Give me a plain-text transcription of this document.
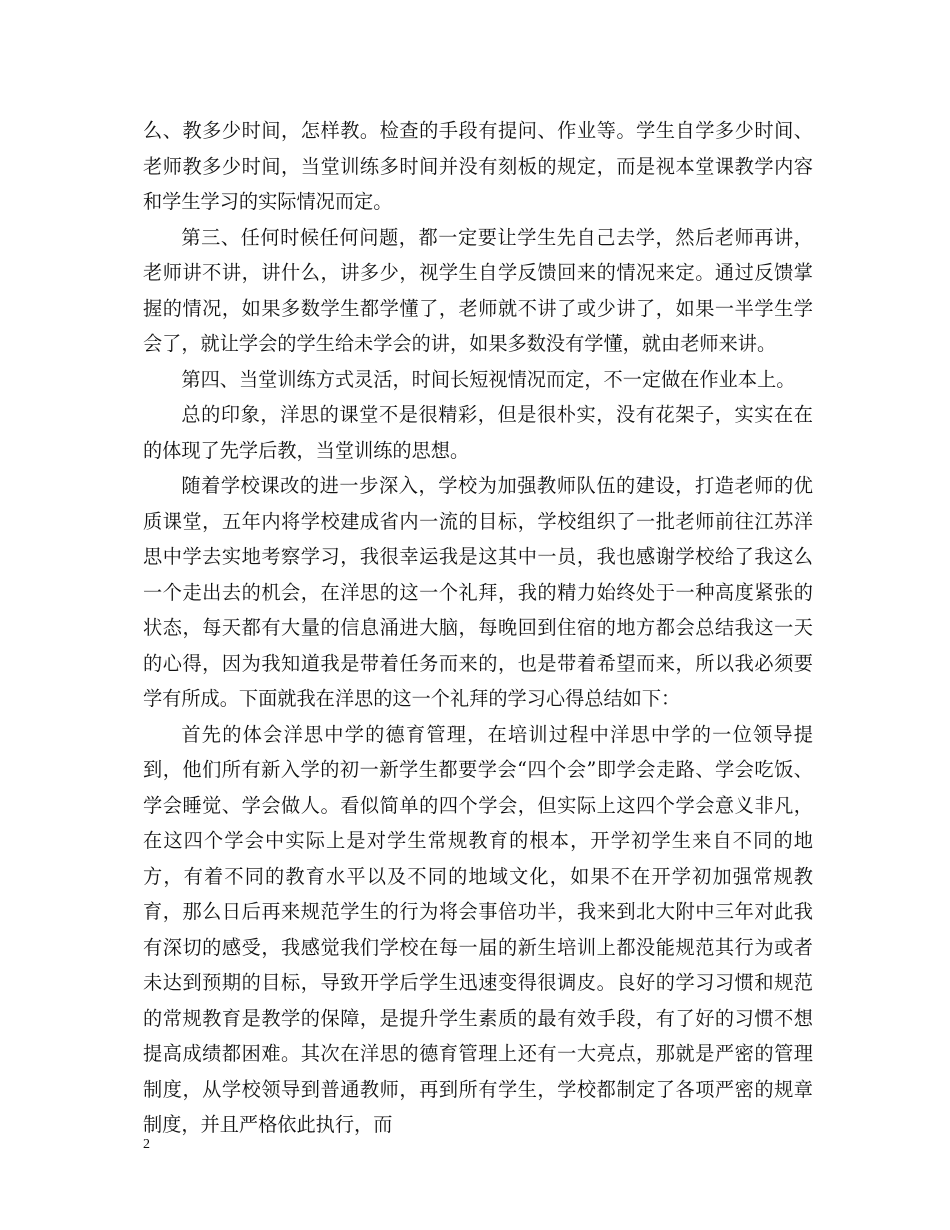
么、教多少时间，怎样教。检查的手段有提问、作业等。学生自学多少时间、老师教多少时间，当堂训练多时间并没有刻板的规定，而是视本堂课教学内容和学生学习的实际情况而定。

第三、任何时候任何问题，都一定要让学生先自己去学，然后老师再讲，老师讲不讲，讲什么，讲多少，视学生自学反馈回来的情况来定。通过反馈掌握的情况，如果多数学生都学懂了，老师就不讲了或少讲了，如果一半学生学会了，就让学会的学生给未学会的讲，如果多数没有学懂，就由老师来讲。

第四、当堂训练方式灵活，时间长短视情况而定，不一定做在作业本上。

总的印象，洋思的课堂不是很精彩，但是很朴实，没有花架子，实实在在的体现了先学后教，当堂训练的思想。

随着学校课改的进一步深入，学校为加强教师队伍的建设，打造老师的优质课堂，五年内将学校建成省内一流的目标，学校组织了一批老师前往江苏洋思中学去实地考察学习，我很幸运我是这其中一员，我也感谢学校给了我这么一个走出去的机会，在洋思的这一个礼拜，我的精力始终处于一种高度紧张的状态，每天都有大量的信息涌进大脑，每晚回到住宿的地方都会总结我这一天的心得，因为我知道我是带着任务而来的，也是带着希望而来，所以我必须要学有所成。下面就我在洋思的这一个礼拜的学习心得总结如下：

首先的体会洋思中学的德育管理，在培训过程中洋思中学的一位领导提到，他们所有新入学的初一新学生都要学会“四个会”即学会走路、学会吃饭、学会睡觉、学会做人。看似简单的四个学会，但实际上这四个学会意义非凡，在这四个学会中实际上是对学生常规教育的根本，开学初学生来自不同的地方，有着不同的教育水平以及不同的地域文化，如果不在开学初加强常规教育，那么日后再来规范学生的行为将会事倍功半，我来到北大附中三年对此我有深切的感受，我感觉我们学校在每一届的新生培训上都没能规范其行为或者未达到预期的目标，导致开学后学生迅速变得很调皮。良好的学习习惯和规范的常规教育是教学的保障，是提升学生素质的最有效手段，有了好的习惯不想提高成绩都困难。其次在洋思的德育管理上还有一大亮点，那就是严密的管理制度，从学校领导到普通教师，再到所有学生，学校都制定了各项严密的规章制度，并且严格依此执行，而

2
